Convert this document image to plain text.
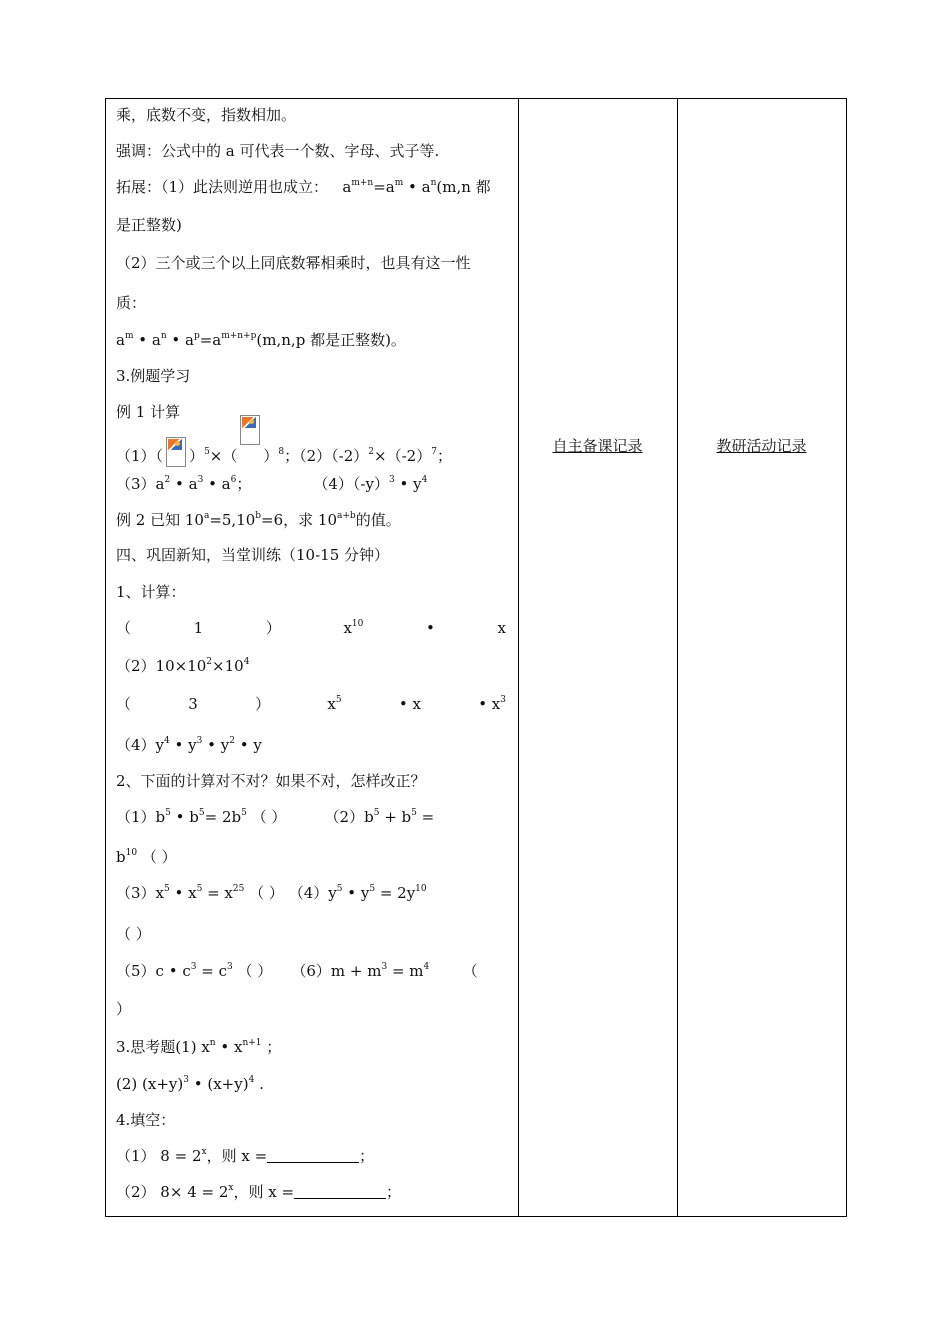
乘，底数不变，指数相加。
强调：公式中的 a 可代表一个数、字母、式子等.
拓展：（1）此法则逆用也成立： $a^{m+n}=a^m$ • $a^n(m,n$ 都
是正整数)
（2）三个或三个以上同底数幂相乘时，也具有这一性
质：
$a^m$ • $a^n$ • $a^p=a^{m+n+p}(m,n,p$ 都是正整数)。
3.例题学习
例 1 计算
（1）（ ）$^5$×（ ）$^8$；$(2)(-2)^2\times(-2)^7$；
$(3)a^2$ • $a^3$ • $a^6$；	$(4)(-y)^3$ • $y^4$
例 2 已知 $10^a=5,10^b=6$，求 $10^{a+b}$的值。
四、巩固新知，当堂训练（10-15 分钟）
1、计算：
（	1	）	$x^{10}$	•	x
$(2)10\times 10^2\times 10^4$
（	3	）	$x^5$	• x	• $x^3$
$(4)y^4$ • $y^3$ • $y^2$ • y
2、下面的计算对不对？如果不对，怎样改正？
$(1)b^5$ • $b^5= 2b^5$ （ ）	$(2)b^5 + b^5$ =
$b^{10}$ （ ）
$(3)x^5$ • $x^5 = x^{25}$ （ ） $(4)y^5$ • $y^5 = 2y^{10}$
（ ）
（5）c • $c^3 = c^3$ （ ） $(6)m + m^3 = m^4$ （
）
3.思考题(1) $x^n$ • $x^{n+1}$ ；
(2) $(x+y)^3$ • $(x+y)^4$ .
4.填空：
（1） $8 = 2^x$，则 x =	；
（2） $8\times 4 = 2^x$，则 x =	；
自主备课记录	教研活动记录
